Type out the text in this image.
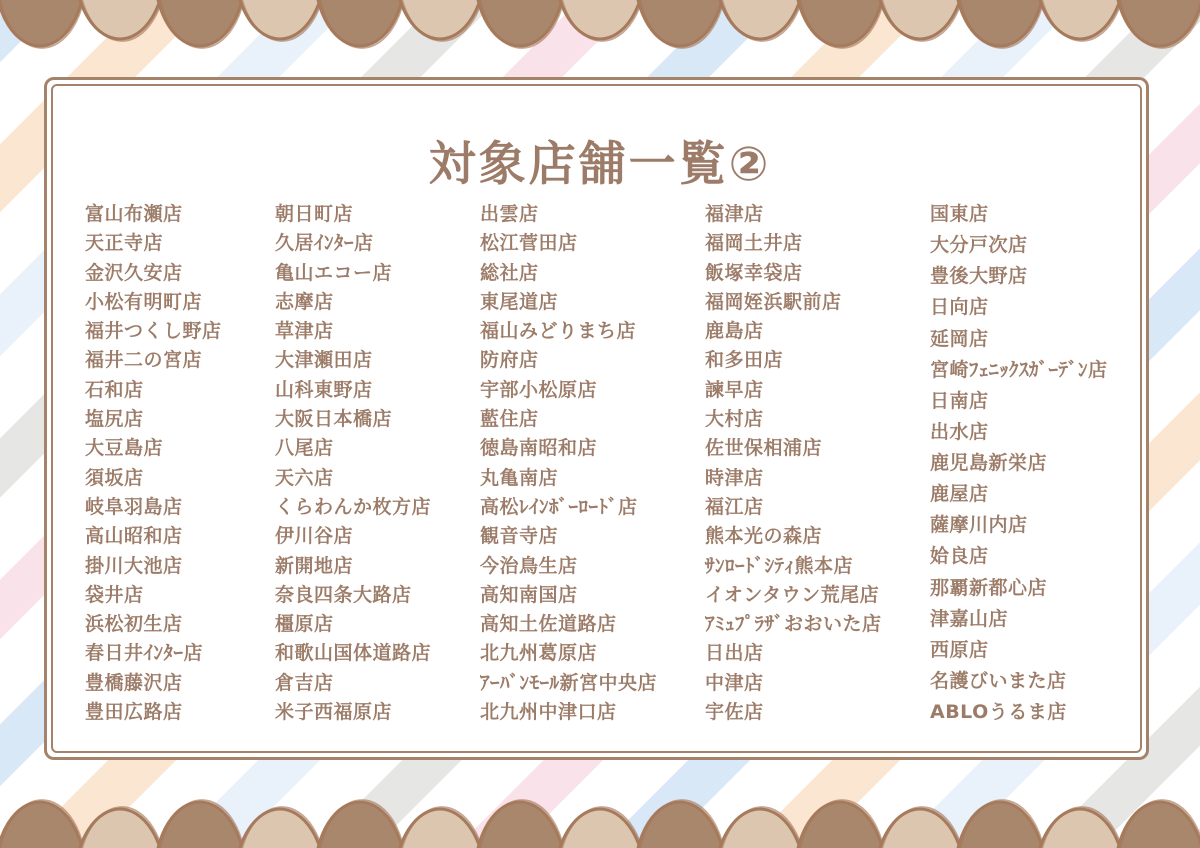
対象店舗一覧②
富山布瀬店
天正寺店
金沢久安店
小松有明町店
福井つくし野店
福井二の宮店
石和店
塩尻店
大豆島店
須坂店
岐阜羽島店
高山昭和店
掛川大池店
袋井店
浜松初生店
春日井ｲﾝﾀｰ店
豊橋藤沢店
豊田広路店
朝日町店
久居ｲﾝﾀｰ店
亀山エコー店
志摩店
草津店
大津瀬田店
山科東野店
大阪日本橋店
八尾店
天六店
くらわんか枚方店
伊川谷店
新開地店
奈良四条大路店
橿原店
和歌山国体道路店
倉吉店
米子西福原店
出雲店
松江菅田店
総社店
東尾道店
福山みどりまち店
防府店
宇部小松原店
藍住店
徳島南昭和店
丸亀南店
高松ﾚｲﾝﾎﾞｰﾛｰﾄﾞ店
観音寺店
今治鳥生店
高知南国店
高知土佐道路店
北九州葛原店
ｱｰﾊﾞﾝﾓｰﾙ新宮中央店
北九州中津口店
福津店
福岡土井店
飯塚幸袋店
福岡姪浜駅前店
鹿島店
和多田店
諫早店
大村店
佐世保相浦店
時津店
福江店
熊本光の森店
ｻﾝﾛｰﾄﾞｼﾃｨ熊本店
イオンタウン荒尾店
ｱﾐｭﾌﾟﾗｻﾞおおいた店
日出店
中津店
宇佐店
国東店
大分戸次店
豊後大野店
日向店
延岡店
宮崎ﾌｪﾆｯｸｽｶﾞｰﾃﾞﾝ店
日南店
出水店
鹿児島新栄店
鹿屋店
薩摩川内店
姶良店
那覇新都心店
津嘉山店
西原店
名護びいまた店
ABLOうるま店
